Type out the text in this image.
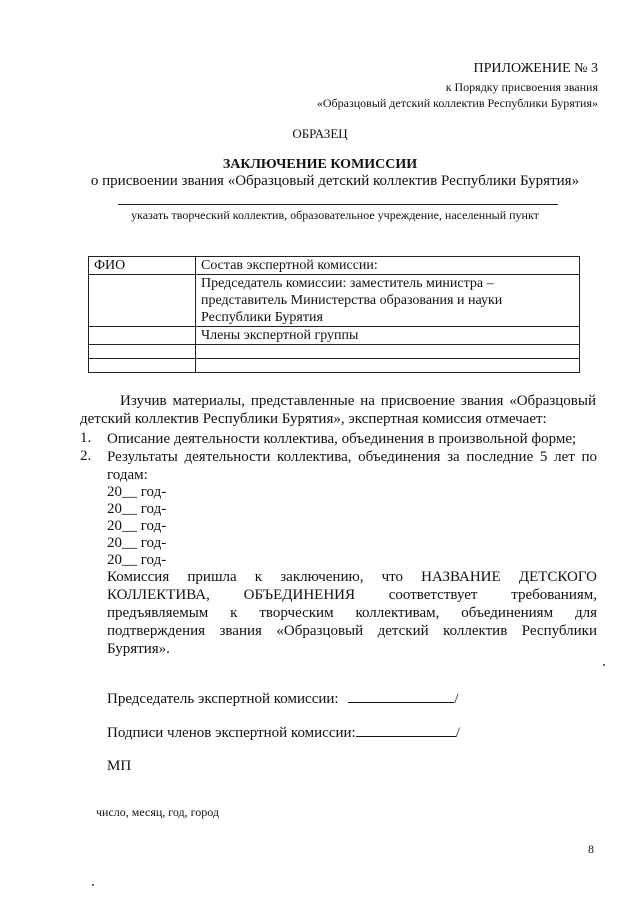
ПРИЛОЖЕНИЕ № 3
к Порядку присвоения звания
«Образцовый детский коллектив Республики Бурятия»
ОБРАЗЕЦ
ЗАКЛЮЧЕНИЕ КОМИССИИ
о присвоении звания «Образцовый детский коллектив Республики Бурятия»
указать творческий коллектив, образовательное учреждение, населенный пункт
ФИО	Состав экспертной комиссии:
	Председатель комиссии: заместитель министра – представитель Министерства образования и науки Республики Бурятия
	Члены экспертной группы

Изучив материалы, представленные на присвоение звания «Образцовый детский коллектив Республики Бурятия», экспертная комиссия отмечает:
1. Описание деятельности коллектива, объединения в произвольной форме;
2. Результаты деятельности коллектива, объединения за последние 5 лет по годам:
20__ год-
20__ год-
20__ год-
20__ год-
20__ год-
Комиссия пришла к заключению, что НАЗВАНИЕ ДЕТСКОГО КОЛЛЕКТИВА, ОБЪЕДИНЕНИЯ соответствует требованиям, предъявляемым к творческим коллективам, объединениям для подтверждения звания «Образцовый детский коллектив Республики Бурятия».
Председатель экспертной комиссии:	/
Подписи членов экспертной комиссии:	/
МП
число, месяц, год, город
8
